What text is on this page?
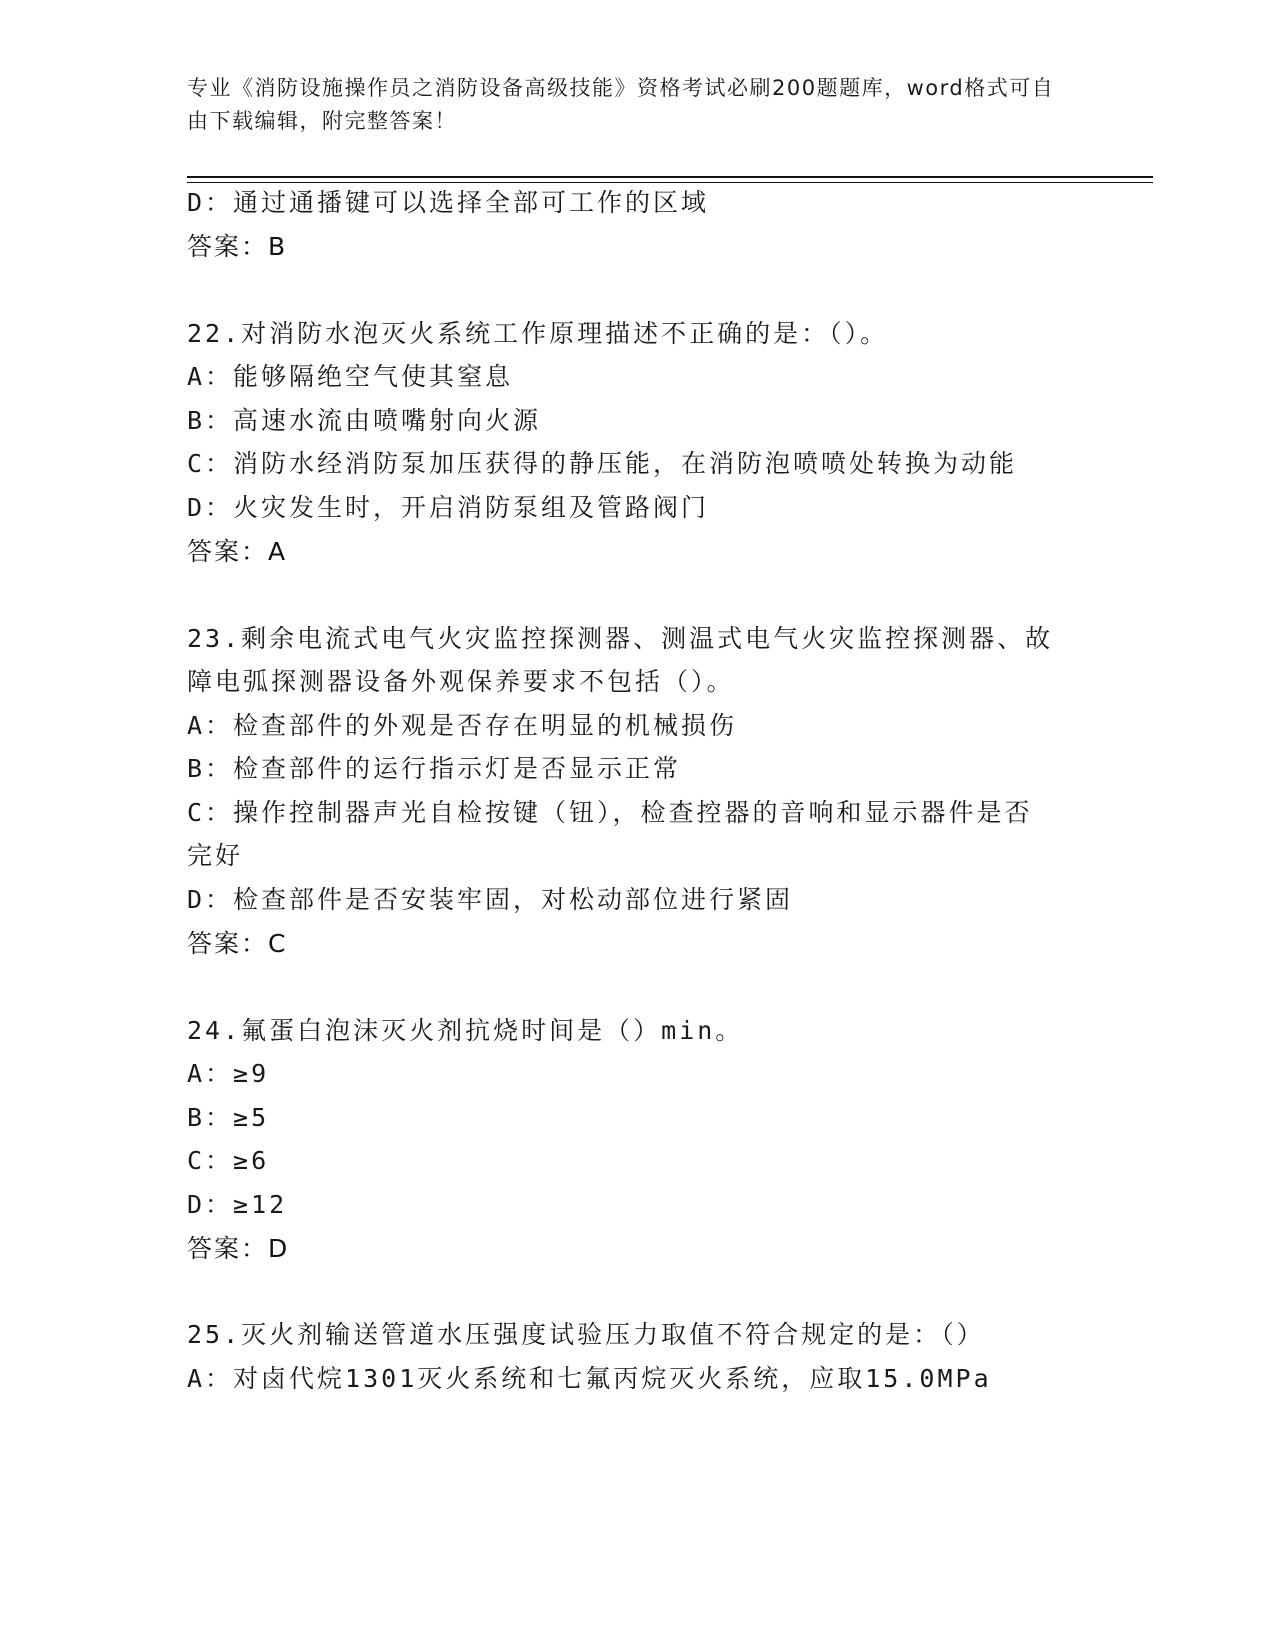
专业《消防设施操作员之消防设备高级技能》资格考试必刷200题题库，word格式可自由下载编辑，附完整答案！
D：通过通播键可以选择全部可工作的区域
答案：B
22.对消防水泡灭火系统工作原理描述不正确的是：（）。
A：能够隔绝空气使其窒息
B：高速水流由喷嘴射向火源
C：消防水经消防泵加压获得的静压能，在消防泡喷喷处转换为动能
D：火灾发生时，开启消防泵组及管路阀门
答案：A
23.剩余电流式电气火灾监控探测器、测温式电气火灾监控探测器、故
障电弧探测器设备外观保养要求不包括（）。
A：检查部件的外观是否存在明显的机械损伤
B：检查部件的运行指示灯是否显示正常
C：操作控制器声光自检按键（钮），检查控器的音响和显示器件是否
完好
D：检查部件是否安装牢固，对松动部位进行紧固
答案：C
24.氟蛋白泡沫灭火剂抗烧时间是（）min。
A：≥9
B：≥5
C：≥6
D：≥12
答案：D
25.灭火剂输送管道水压强度试验压力取值不符合规定的是：（）
A：对卤代烷1301灭火系统和七氟丙烷灭火系统，应取15.0MPa
